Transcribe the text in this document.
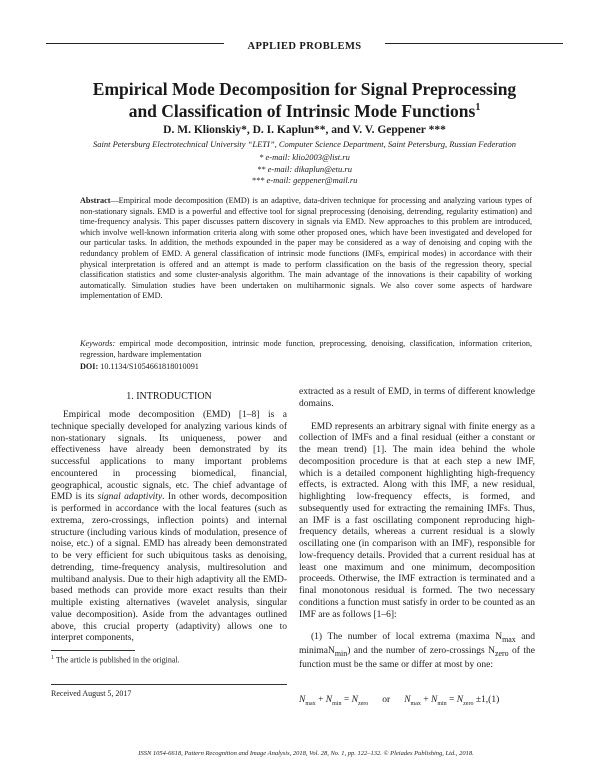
APPLIED PROBLEMS
Empirical Mode Decomposition for Signal Preprocessing
and Classification of Intrinsic Mode Functions$^1$
D. M. Klionskiy*, D. I. Kaplun**, and V. V. Geppener ***
Saint Petersburg Electrotechnical University “LETI”, Computer Science Department, Saint Petersburg, Russian Federation
* e-mail: klio2003@list.ru
** e-mail: dikaplun@etu.ru
*** e-mail: geppener@mail.ru
Abstract—Empirical mode decomposition (EMD) is an adaptive, data-driven technique for processing and analyzing various types of non-stationary signals. EMD is a powerful and effective tool for signal preprocessing (denoising, detrending, regularity estimation) and time-frequency analysis. This paper discusses pattern discovery in signals via EMD. New approaches to this problem are introduced, which involve well-known information criteria along with some other proposed ones, which have been investigated and developed for our particular tasks. In addition, the methods expounded in the paper may be considered as a way of denoising and coping with the redundancy problem of EMD. A general classification of intrinsic mode functions (IMFs, empirical modes) in accordance with their physical interpretation is offered and an attempt is made to perform classification on the basis of the regression theory, special classification statistics and some cluster-analysis algorithm. The main advantage of the innovations is their capability of working automatically. Simulation studies have been undertaken on multiharmonic signals. We also cover some aspects of hardware implementation of EMD.
Keywords: empirical mode decomposition, intrinsic mode function, preprocessing, denoising, classification, information criterion, regression, hardware implementation
DOI: 10.1134/S1054661818010091
1. INTRODUCTION

Empirical mode decomposition (EMD) [1–8] is a technique specially developed for analyzing various kinds of non-stationary signals. Its uniqueness, power and effectiveness have already been demonstrated by its successful applications to many important problems encountered in processing biomedical, financial, geographical, acoustic signals, etc. The chief advantage of EMD is its signal adaptivity. In other words, decomposition is performed in accordance with the local features (such as extrema, zero-crossings, inflection points) and internal structure (including various kinds of modulation, presence of noise, etc.) of a signal. EMD has already been demonstrated to be very efficient for such ubiquitous tasks as denoising, detrending, time-frequency analysis, multiresolution and multiband analysis. Due to their high adaptivity all the EMD-based methods can provide more exact results than their multiple existing alternatives (wavelet analysis, singular value decomposition). Aside from the advantages outlined above, this crucial property (adaptivity) allows one to interpret components,

extracted as a result of EMD, in terms of different knowledge domains.

EMD represents an arbitrary signal with finite energy as a collection of IMFs and a final residual (either a constant or the mean trend) [1]. The main idea behind the whole decomposition procedure is that at each step a new IMF, which is a detailed component highlighting high-frequency effects, is extracted. Along with this IMF, a new residual, highlighting low-frequency effects, is formed, and subsequently used for extracting the remaining IMFs. Thus, an IMF is a fast oscillating component reproducing high-frequency details, whereas a current residual is a slowly oscillating one (in comparison with an IMF), responsible for low-frequency details. Provided that a current residual has at least one maximum and one minimum, decomposition proceeds. Otherwise, the IMF extraction is terminated and a final monotonous residual is formed. The two necessary conditions a function must satisfy in order to be counted as an IMF are as follows [1–6]:

(1) The number of local extrema (maxima $N_{max}$ and minimaN$_{min}$) and the number of zero-crossings $N_{zero}$ of the function must be the same or differ at most by one:

$N_{max} + N_{min} = N_{zero}$ or $N_{max} + N_{min} = N_{zero} \pm 1,(1)$
$^1$ The article is published in the original.
Received August 5, 2017
ISSN 1054-6618, Pattern Recognition and Image Analysis, 2018, Vol. 28, No. 1, pp. 122–132. © Pleiades Publishing, Ltd., 2018.
